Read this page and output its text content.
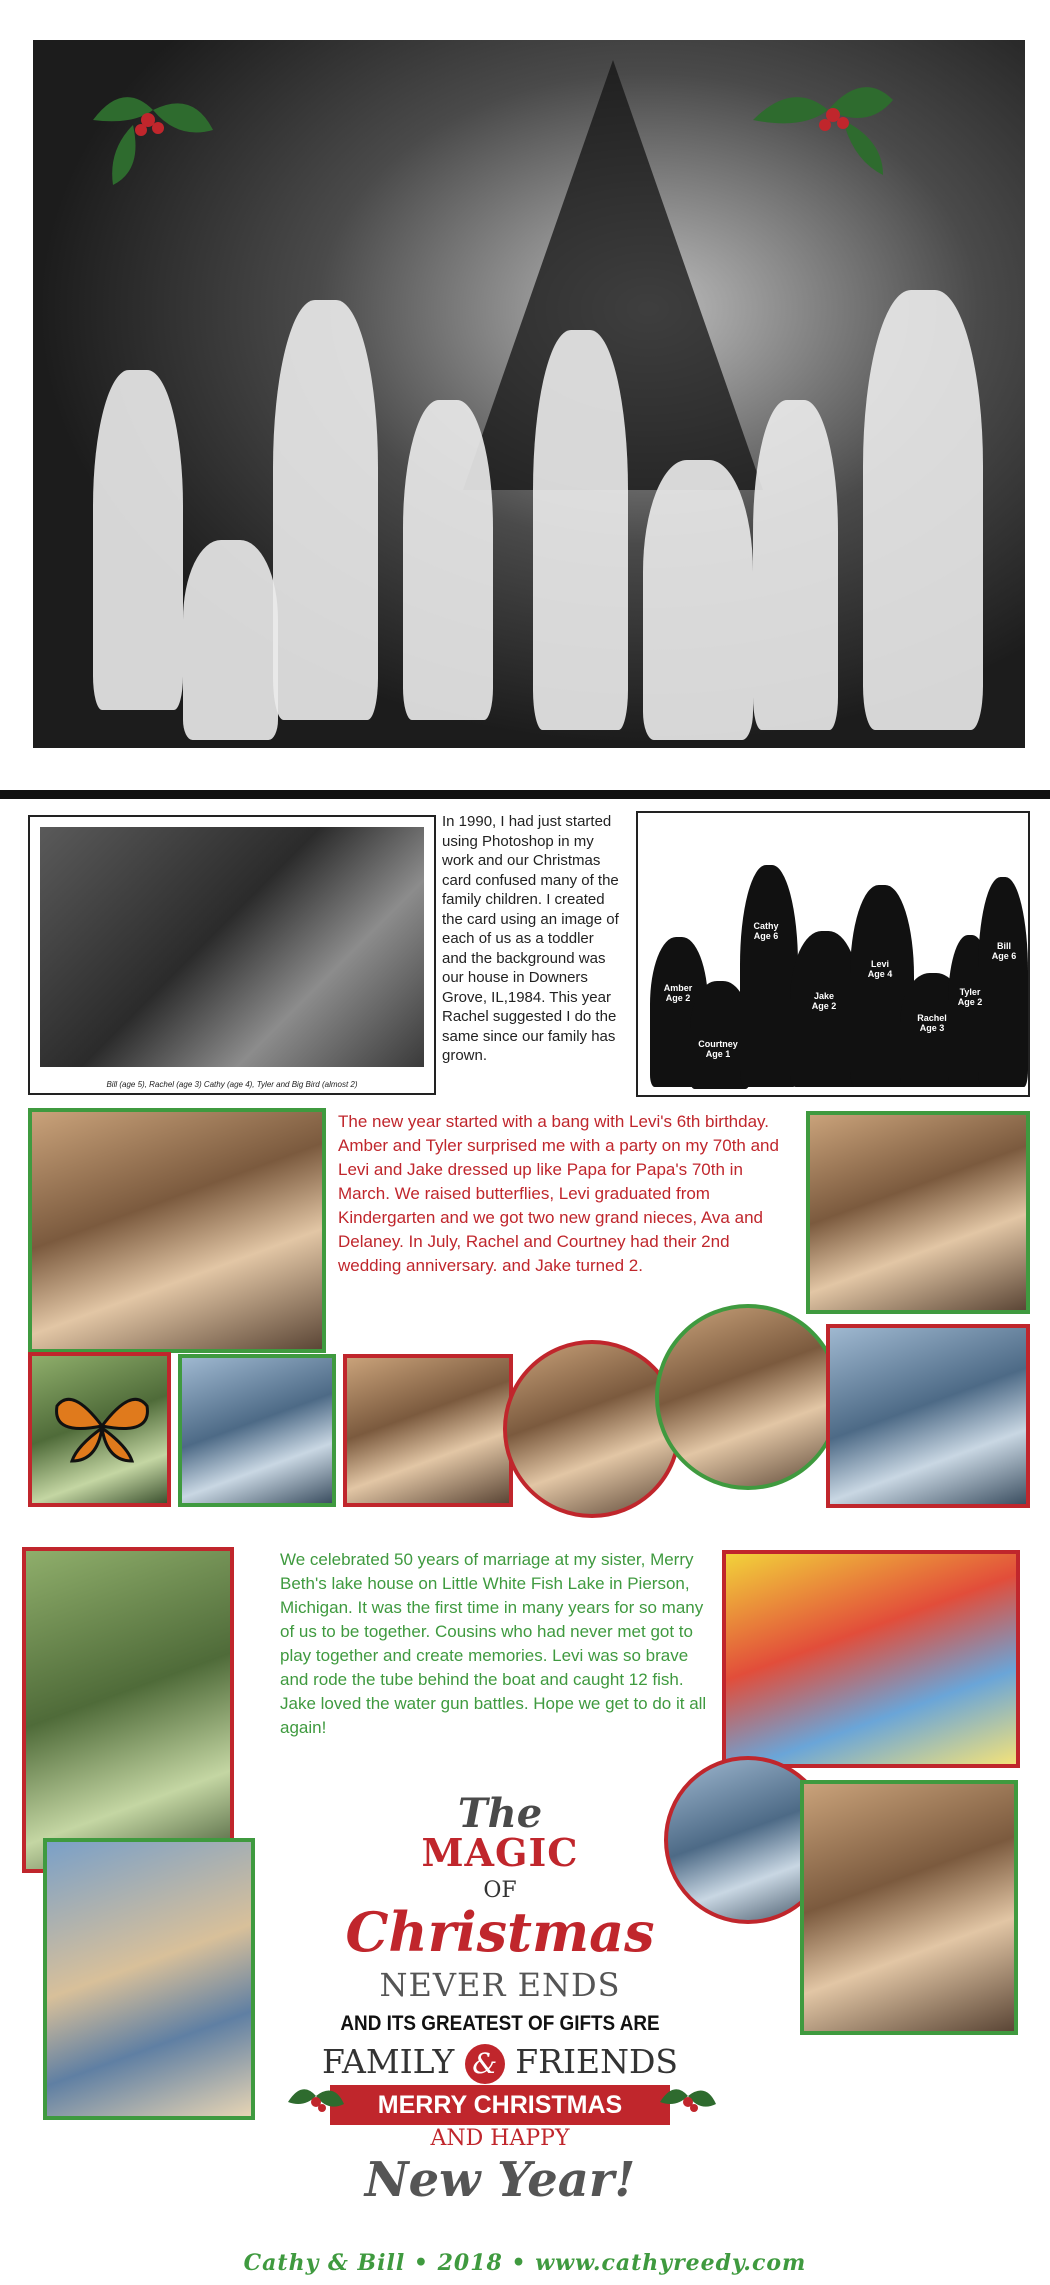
Bill (age 5), Rachel (age 3) Cathy (age 4), Tyler and Big Bird (almost 2)
In 1990, I had just started using Photoshop in my work and our Christmas card confused many of the family children. I created the card using an image of each of us as a toddler and the background was our house in Downers Grove, IL,1984. This year Rachel suggested I do the same since our family has grown.
Amber
Age 2
Courtney
Age 1
Cathy
Age 6
Jake
Age 2
Levi
Age 4
Rachel
Age 3
Tyler
Age 2
Bill
Age 6
The new year started with a bang with Levi's 6th birthday. Amber and Tyler surprised me with a party on my 70th and Levi and Jake dressed up like Papa for Papa's 70th in March. We raised butterflies, Levi graduated from Kindergarten and we got two new grand nieces, Ava and Delaney. In July, Rachel and Courtney had their 2nd wedding anniversary. and Jake turned 2.
We celebrated 50 years of marriage at my sister, Merry Beth's lake house on Little White Fish Lake in Pierson, Michigan. It was the first time in many years for so many of us to be together. Cousins who had never met got to play together and create memories. Levi was so brave and rode the tube behind the boat and caught 12 fish. Jake loved the water gun battles. Hope we get to do it all again!
The
MAGIC
OF
Christmas
NEVER ENDS
AND ITS GREATEST OF GIFTS ARE
FAMILY & FRIENDS
MERRY CHRISTMAS
AND HAPPY
New Year!
Cathy & Bill • 2018 • www.cathyreedy.com
